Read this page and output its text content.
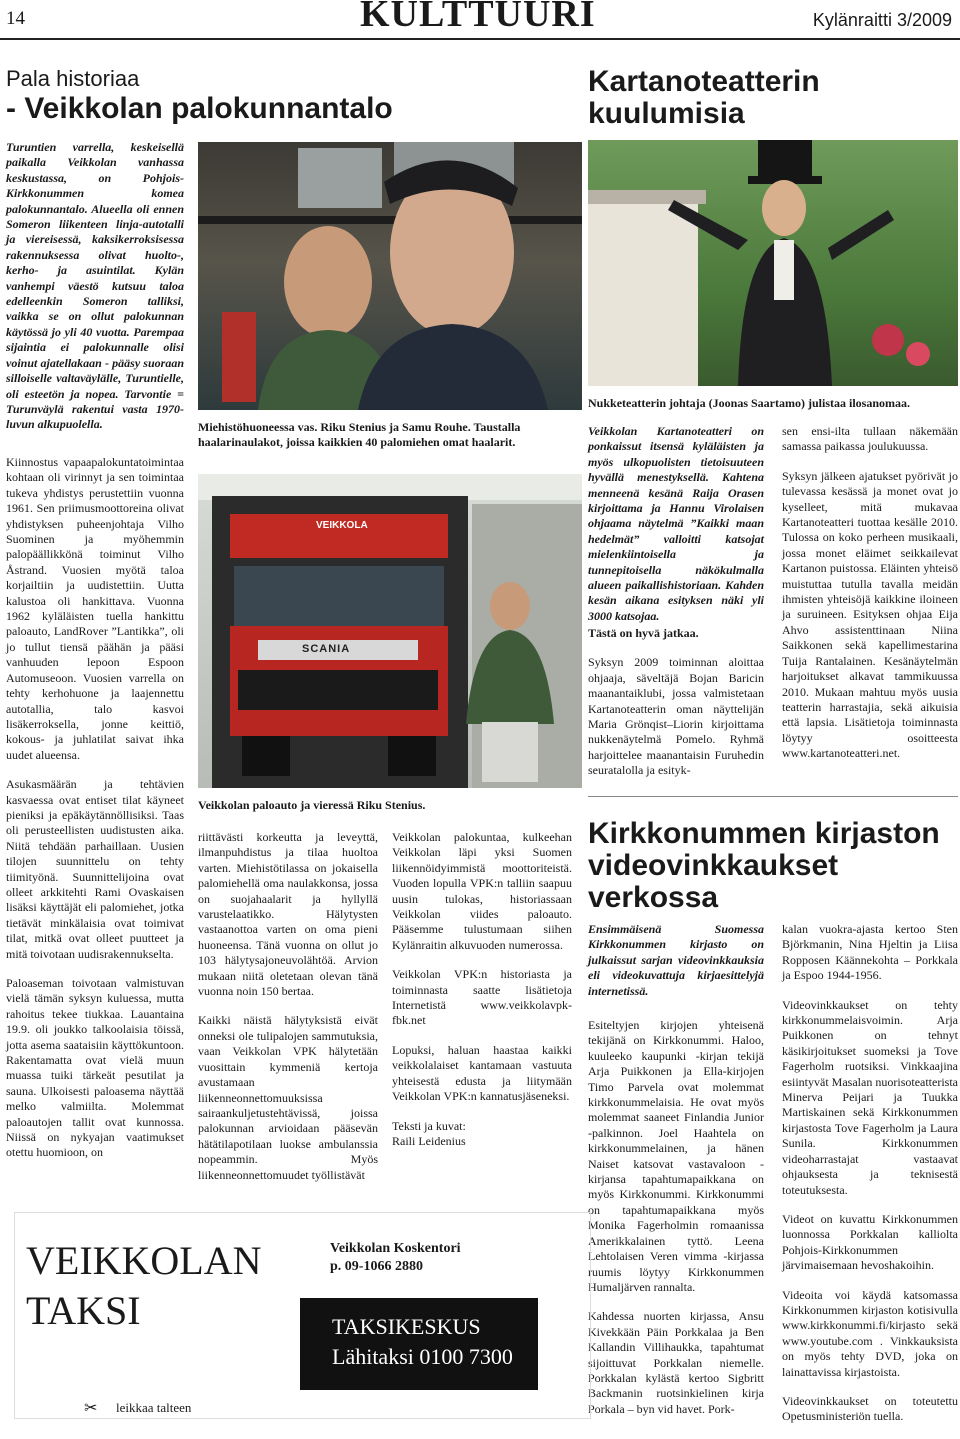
14	KULTTUURI	Kylänraitti 3/2009
Pala historiaa
- Veikkolan palokunnantalo

Turuntien varrella, keskeisellä paikalla Veikkolan vanhassa keskustassa, on Pohjois-Kirkkonummen komea palokunnantalo. Alueella oli ennen Someron liikenteen linja-autotalli ja viereisessä, kaksikerroksisessa rakennuksessa olivat huolto-, kerho- ja asuintilat. Kylän vanhempi väestö kutsuu taloa edelleenkin Someron talliksi, vaikka se on ollut palokunnan käytössä jo yli 40 vuotta. Parempaa sijaintia ei palokunnalle olisi voinut ajatellakaan - pääsy suoraan silloiselle valtaväylälle, Turuntielle, oli esteetön ja nopea. Tarvontie = Turunväylä rakentui vasta 1970-luvun alkupuolella.

Kiinnostus vapaapalokuntatoimintaa kohtaan oli virinnyt ja sen toimintaa tukeva yhdistys perustettiin vuonna 1961. Sen priimusmoottoreina olivat yhdistyksen puheenjohtaja Vilho Suominen ja myöhemmin palopäällikkönä toiminut Vilho Åstrand. Vuosien myötä taloa korjailtiin ja uudistettiin. Uutta kalustoa oli hankittava. Vuonna 1962 kyläläisten tuella hankittu paloauto, LandRover ”Lantikka”, oli jo tullut tiensä päähän ja pääsi vanhuuden lepoon Espoon Automuseoon. Vuosien varrella on tehty kerhohuone ja laajennettu autotallia, talo kasvoi lisäkerroksella, jonne keittiö, kokous- ja juhlatilat saivat ihka uudet alueensa.

Asukasmäärän ja tehtävien kasvaessa ovat entiset tilat käyneet pieniksi ja epäkäytännöllisiksi. Taas oli perusteellisten uudistusten aika. Niitä tehdään parhaillaan. Uusien tilojen suunnittelu on tehty tiimityönä. Suunnittelijoina ovat olleet arkkitehti Rami Ovaskaisen lisäksi käyttäjät eli palomiehet, jotka tietävät minkälaisia ovat toimivat tilat, mitkä ovat olleet puutteet ja mitä toivotaan uudisrakennukselta.

Paloaseman toivotaan valmistuvan vielä tämän syksyn kuluessa, mutta rahoitus tekee tiukkaa. Lauantaina 19.9. oli joukko talkoolaisia töissä, jotta asema saataisiin käyttökuntoon. Rakentamatta ovat vielä muun muassa tuiki tärkeät pesutilat ja sauna. Ulkoisesti paloasema näyttää melko valmiilta. Molemmat paloautojen tallit ovat kunnossa. Niissä on nykyajan vaatimukset otettu huomioon, on

Miehistöhuoneessa vas. Riku Stenius ja Samu Rouhe. Taustalla haalarinaulakot, joissa kaikkien 40 palomiehen omat haalarit.
VEIKKOLA
SCANIA
Veikkolan paloauto ja vieressä Riku Stenius.

riittävästi korkeutta ja leveyttä, ilmanpuhdistus ja tilaa huoltoa varten. Miehistötilassa on jokaisella palomiehellä oma naulakkonsa, jossa on suojahaalarit ja hyllyllä varustelaatikko. Hälytysten vastaanottoa varten on oma pieni huoneensa. Tänä vuonna on ollut jo 103 hälytysajoneuvolähtöä. Arvion mukaan niitä oletetaan olevan tänä vuonna noin 150 bertaa.

Kaikki näistä hälytyksistä eivät onneksi ole tulipalojen sammutuksia, vaan Veikkolan VPK hälytetään vuosittain kymmeniä kertoja avustamaan liikenneonnettomuuksissa sairaankuljetustehtävissä, joissa palokunnan arvioidaan pääsevän hätätilapotilaan luokse ambulanssia nopeammin. Myös liikenneonnettomuudet työllistävät

Veikkolan palokuntaa, kulkeehan Veikkolan läpi yksi Suomen liikennöidyimmistä moottoriteistä. Vuoden lopulla VPK:n talliin saapuu uusin tulokas, historiassaan Veikkolan viides paloauto. Pääsemme tulustumaan siihen Kylänraitin alkuvuoden numerossa.

Veikkolan VPK:n historiasta ja toiminnasta saatte lisätietoja Internetistä www.veikkolavpk-fbk.net

Lopuksi, haluan haastaa kaikki veikkolalaiset kantamaan vastuuta yhteisestä edusta ja liitymään Veikkolan VPK:n kannatusjäseneksi.

Teksti ja kuvat:
Raili Leidenius
Kartanoteatterin kuulumisia
Nukketeatterin johtaja (Joonas Saartamo) julistaa ilosanomaa.

Veikkolan Kartanoteatteri on ponkaissut itsensä kyläläisten ja myös ulkopuolisten tietoisuuteen hyvällä menestyksellä. Kahtena menneenä kesänä Raija Orasen kirjoittama ja Hannu Virolaisen ohjaama näytelmä ”Kaikki maan hedelmät” valloitti katsojat mielenkiintoisella ja tunnepitoisella näkökulmalla alueen paikallishistoriaan. Kahden kesän aikana esityksen näki yli 3000 katsojaa.

Tästä on hyvä jatkaa.

Syksyn 2009 toiminnan aloittaa ohjaaja, säveltäjä Bojan Baricin maanantaiklubi, jossa valmistetaan Kartanoteatterin oman näyttelijän Maria Grönqist–Liorin kirjoittama nukkenäytelmä Pomelo. Ryhmä harjoittelee maanantaisin Furuhedin seuratalolla ja esityk-

sen ensi-ilta tullaan näkemään samassa paikassa joulukuussa.

Syksyn jälkeen ajatukset pyörivät jo tulevassa kesässä ja monet ovat jo kyselleet, mitä mukavaa Kartanoteatteri tuottaa kesälle 2010. Tulossa on koko perheen musikaali, jossa monet eläimet seikkailevat Kartanon puistossa. Eläinten yhteisö muistuttaa tutulla tavalla meidän ihmisten yhteisöjä kaikkine iloineen ja suruineen. Esityksen ohjaa Eija Ahvo assistenttinaan Niina Saikkonen sekä kapellimestarina Tuija Rantalainen. Kesänäytelmän harjoitukset alkavat tammikuussa 2010. Mukaan mahtuu myös uusia teatterin harrastajia, sekä aikuisia että lapsia. Lisätietoja toiminnasta löytyy osoitteesta www.kartanoteatteri.net.

Kirkkonummen kirjaston videovinkkaukset verkossa

Ensimmäisenä Suomessa Kirkkonummen kirjasto on julkaissut sarjan videovinkkauksia eli videokuvattuja kirjaesittelyjä internetissä.

Esiteltyjen kirjojen yhteisenä tekijänä on Kirkkonummi. Haloo, kuuleeko kaupunki -kirjan tekijä Arja Puikkonen ja Ella-kirjojen Timo Parvela ovat molemmat kirkkonummelaisia. He ovat myös molemmat saaneet Finlandia Junior -palkinnon. Joel Haahtela on kirkkonummelainen, ja hänen Naiset katsovat vastavaloon -kirjansa tapahtumapaikkana on myös Kirkkonummi. Kirkkonummi on tapahtumapaikkana myös Monika Fagerholmin romaanissa Amerikkalainen tyttö. Leena Lehtolaisen Veren vimma -kirjassa ruumis löytyy Kirkkonummen Humaljärven rannalta.

Kahdessa nuorten kirjassa, Ansu Kivekkään Päin Porkkalaa ja Ben Kallandin Villihaukka, tapahtumat sijoittuvat Porkkalan niemelle. Porkkalan kylästä kertoo Sigbritt Backmanin ruotsinkielinen kirja Porkala – byn vid havet. Pork-

kalan vuokra-ajasta kertoo Sten Björkmanin, Nina Hjeltin ja Liisa Ropposen Käännekohta – Porkkala ja Espoo 1944-1956.

Videovinkkaukset on tehty kirkkonummelaisvoimin. Arja Puikkonen on tehnyt käsikirjoitukset suomeksi ja Tove Fagerholm ruotsiksi. Vinkkaajina esiintyvät Masalan nuorisoteatterista Minerva Peijari ja Tuukka Martiskainen sekä Kirkkonummen kirjastosta Tove Fagerholm ja Laura Sunila. Kirkkonummen videoharrastajat vastaavat ohjauksesta ja teknisestä toteutuksesta.

Videot on kuvattu Kirkkonummen luonnossa Porkkalan kalliolta Pohjois-Kirkkonummen järvimaisemaan hevoshakoihin.

Videoita voi käydä katsomassa Kirkkonummen kirjaston kotisivulla www.kirkkonummi.fi/kirjasto sekä www.youtube.com . Vinkkauksista on myös tehty DVD, joka on lainattavissa kirjastoista.

Videovinkkaukset on toteutettu Opetusministeriön tuella.

VEIKKOLAN
TAKSI
✂ leikkaa talteen
Veikkolan Koskentori
p. 09-1066 2880
TAKSIKESKUS
Lähitaksi 0100 7300
